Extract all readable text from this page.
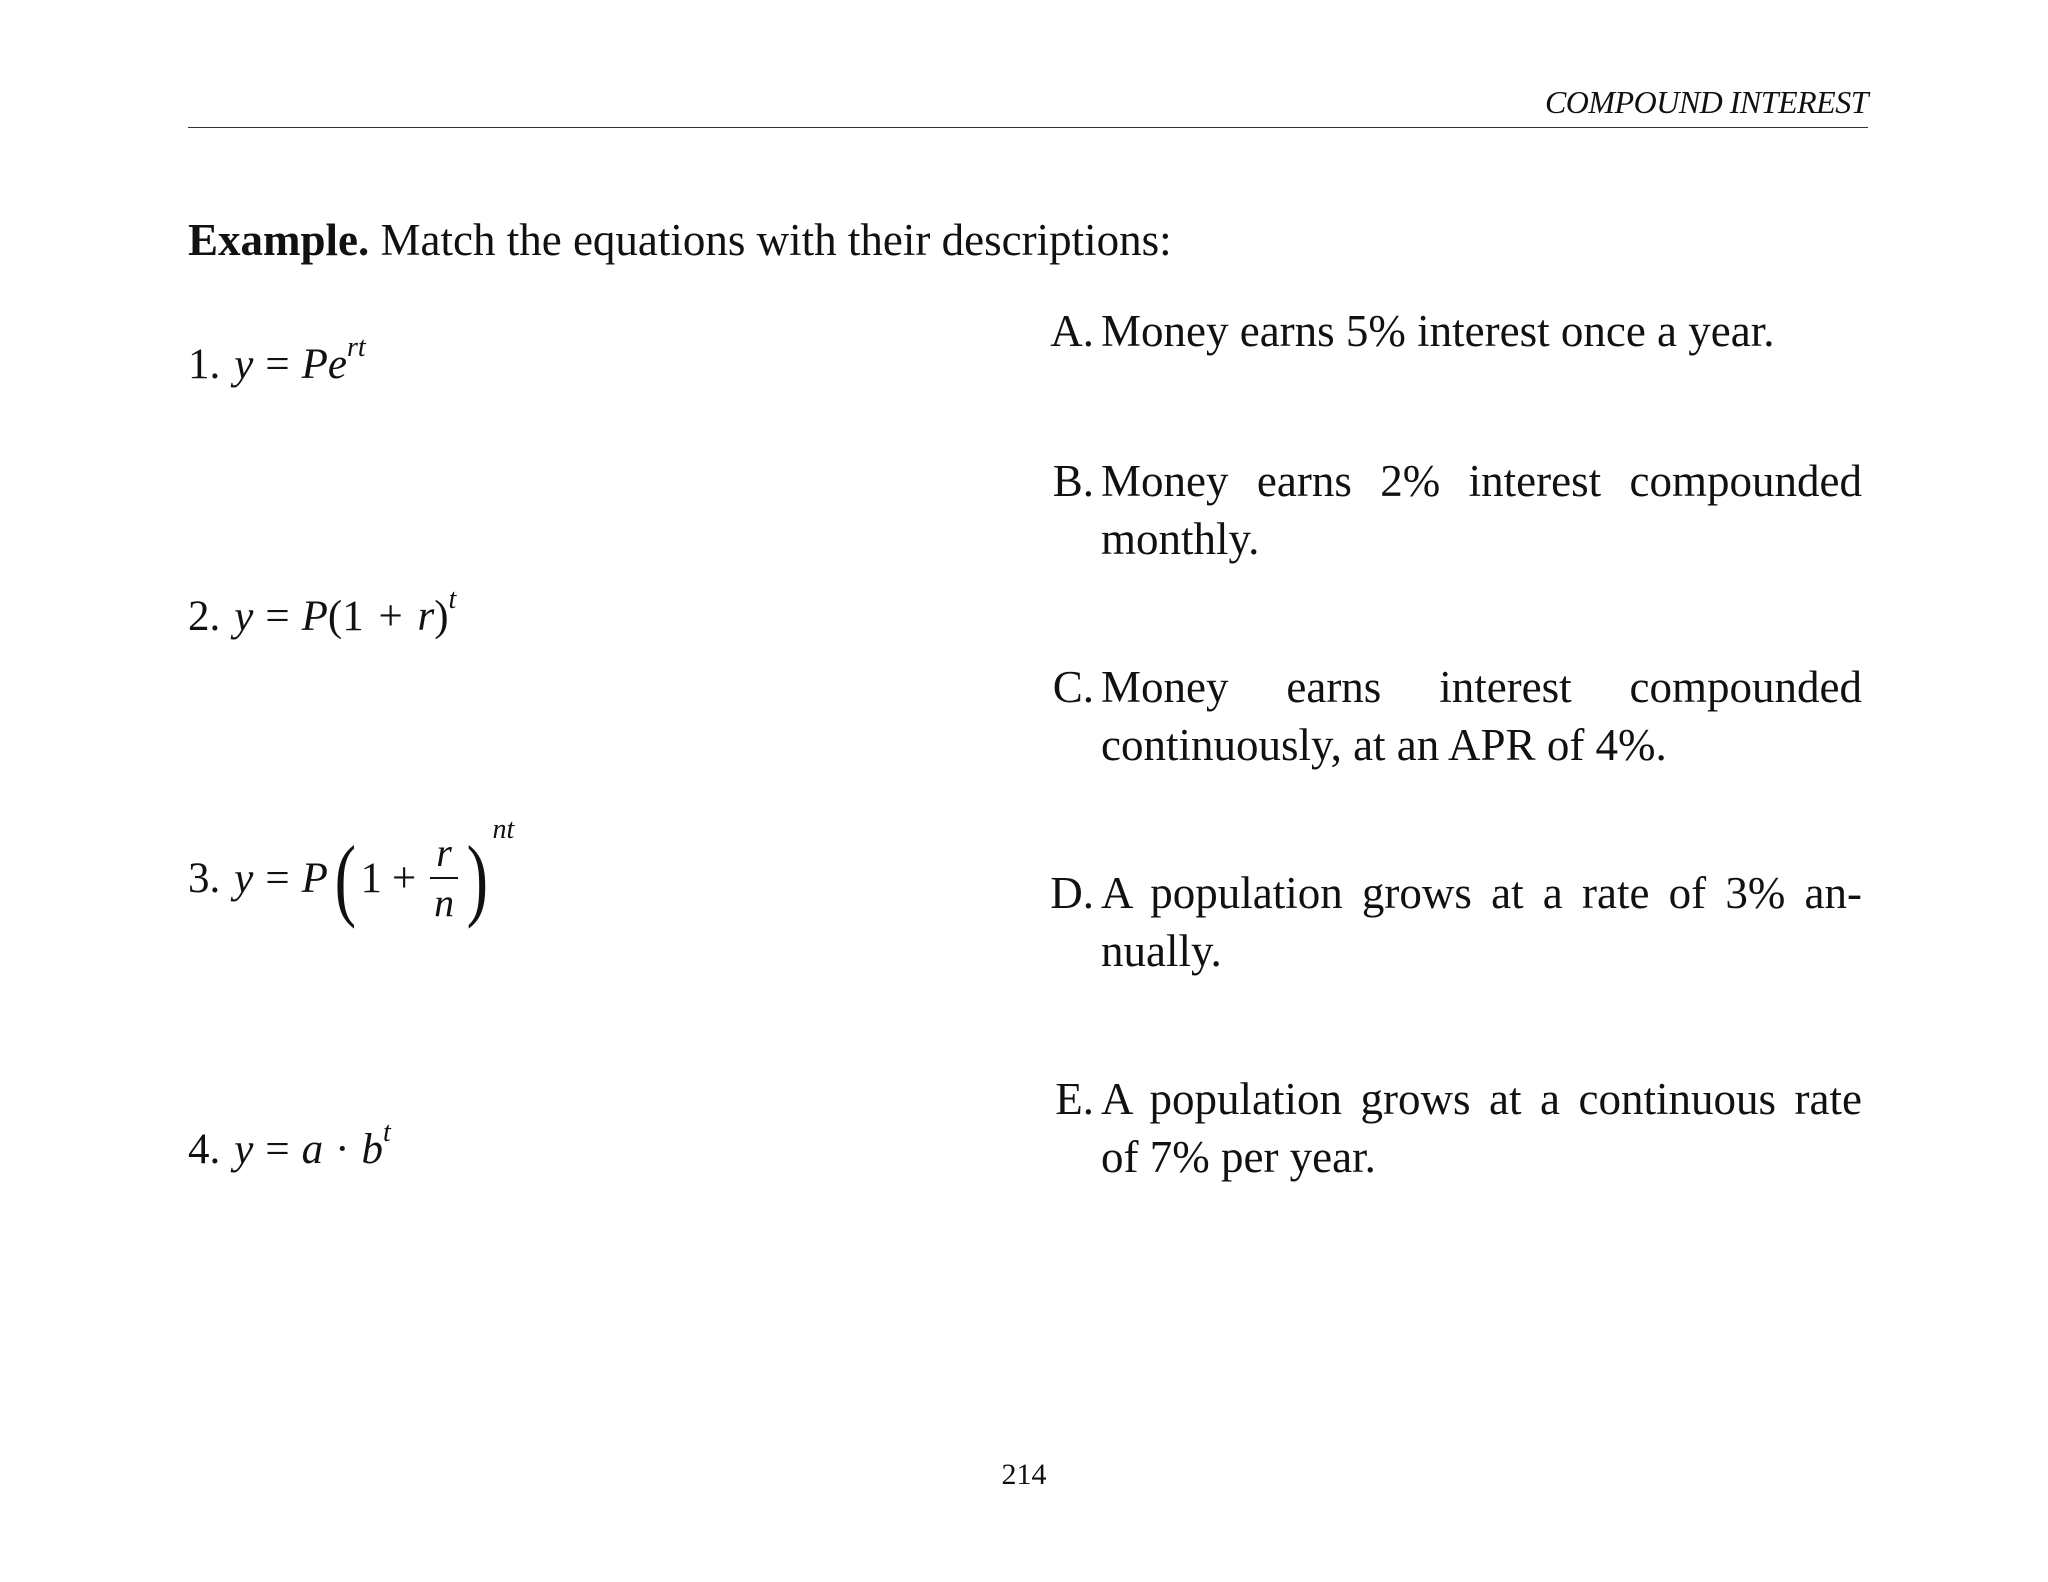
COMPOUND INTEREST
Example. Match the equations with their descriptions:
1. $y = Pe^{rt}$
2. $y = P(1 + r)^t$
3. y = P ( $1 + \frac{r}{n}$ ) nt
4. $y = a \cdot b^t$
A. Money earns 5% interest once a year.
B. Money earns 2% interest compounded monthly.
C. Money earns interest compounded continuously, at an APR of 4%.
D. A population grows at a rate of 3% an- nually.
E. A population grows at a continuous rate of 7% per year.
214
